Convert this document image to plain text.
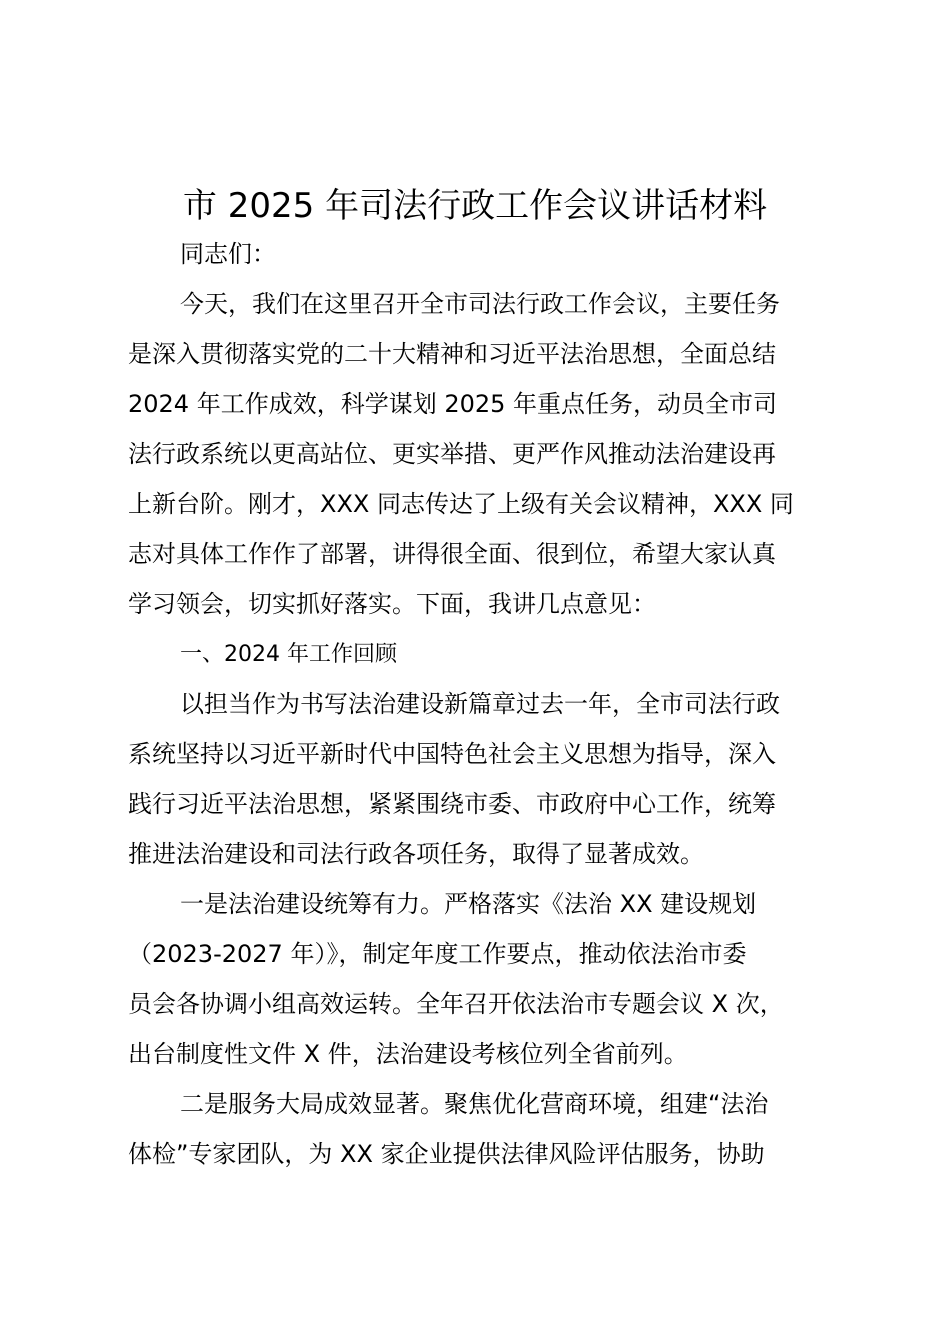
市 2025 年司法行政工作会议讲话材料

同志们：

今天，我们在这里召开全市司法行政工作会议，主要任务

是深入贯彻落实党的二十大精神和习近平法治思想，全面总结

2024 年工作成效，科学谋划 2025 年重点任务，动员全市司

法行政系统以更高站位、更实举措、更严作风推动法治建设再

上新台阶。刚才，XXX 同志传达了上级有关会议精神，XXX 同

志对具体工作作了部署，讲得很全面、很到位，希望大家认真

学习领会，切实抓好落实。下面，我讲几点意见：

一、2024 年工作回顾

以担当作为书写法治建设新篇章过去一年，全市司法行政

系统坚持以习近平新时代中国特色社会主义思想为指导，深入

践行习近平法治思想，紧紧围绕市委、市政府中心工作，统筹

推进法治建设和司法行政各项任务，取得了显著成效。

一是法治建设统筹有力。严格落实《法治 XX 建设规划

（2023-2027 年）》，制定年度工作要点，推动依法治市委

员会各协调小组高效运转。全年召开依法治市专题会议 X 次，

出台制度性文件 X 件，法治建设考核位列全省前列。

二是服务大局成效显著。聚焦优化营商环境，组建“法治

体检”专家团队，为 XX 家企业提供法律风险评估服务，协助
